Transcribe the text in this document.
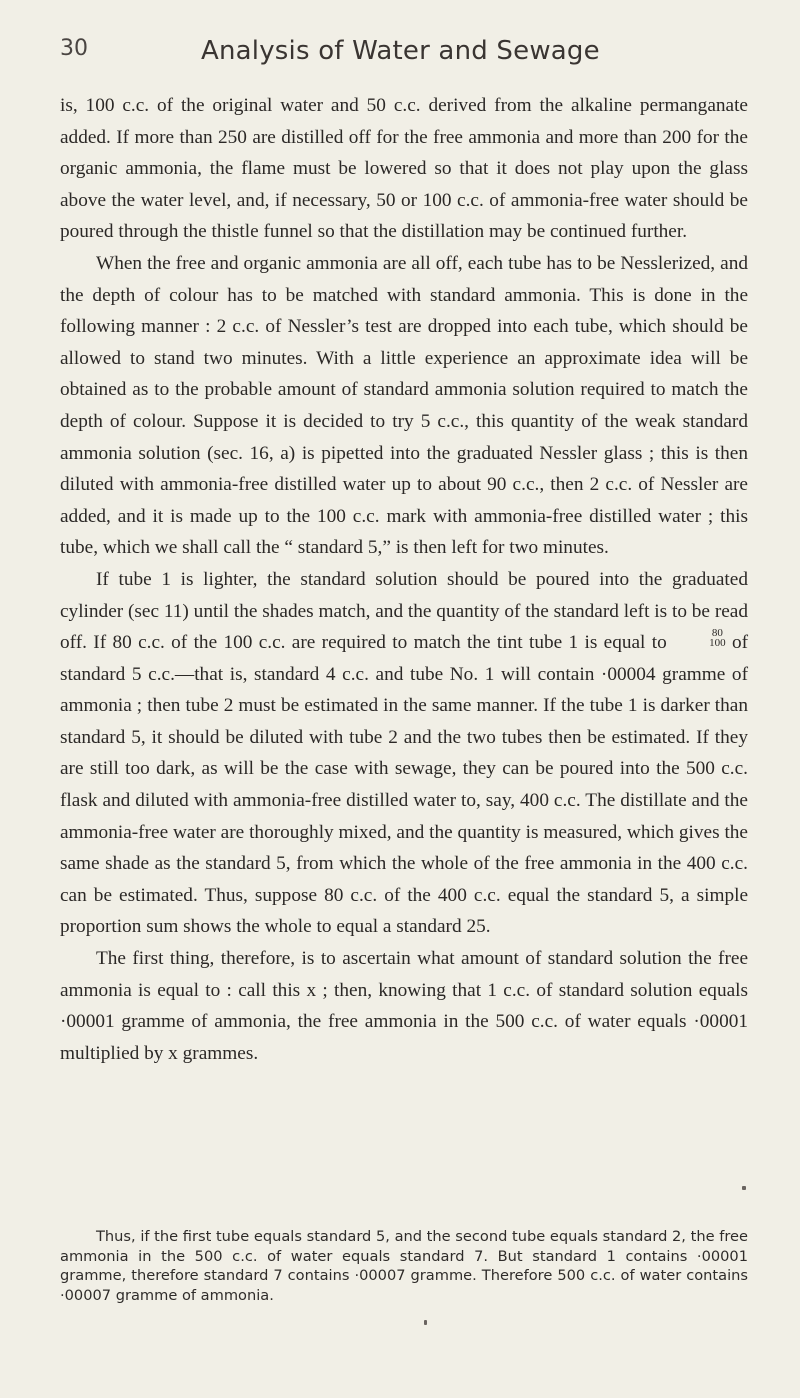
30	Analysis of Water and Sewage

is, 100 c.c. of the original water and 50 c.c. derived from the alkaline permanganate added. If more than 250 are distilled off for the free ammonia and more than 200 for the organic ammonia, the flame must be lowered so that it does not play upon the glass above the water level, and, if necessary, 50 or 100 c.c. of ammonia-free water should be poured through the thistle funnel so that the distillation may be continued further.

When the free and organic ammonia are all off, each tube has to be Nesslerized, and the depth of colour has to be matched with standard ammonia. This is done in the following manner : 2 c.c. of Nessler’s test are dropped into each tube, which should be allowed to stand two minutes. With a little experience an approximate idea will be obtained as to the probable amount of standard ammonia solution required to match the depth of colour. Suppose it is decided to try 5 c.c., this quantity of the weak standard ammonia solution (sec. 16, a) is pipetted into the graduated Nessler glass ; this is then diluted with ammonia-free distilled water up to about 90 c.c., then 2 c.c. of Nessler are added, and it is made up to the 100 c.c. mark with ammonia-free distilled water ; this tube, which we shall call the “ standard 5,” is then left for two minutes.

If tube 1 is lighter, the standard solution should be poured into the graduated cylinder (sec 11) until the shades match, and the quantity of the standard left is to be read off. If 80 c.c. of the 100 c.c. are required to match the tint tube 1 is equal to	80
100 of standard 5 c.c.—that is, standard 4 c.c. and tube No. 1 will contain ·00004 gramme of ammonia ; then tube 2 must be estimated in the same manner. If the tube 1 is darker than standard 5, it should be diluted with tube 2 and the two tubes then be estimated. If they are still too dark, as will be the case with sewage, they can be poured into the 500 c.c. flask and diluted with ammonia-free distilled water to, say, 400 c.c. The distillate and the ammonia-free water are thoroughly mixed, and the quantity is measured, which gives the same shade as the standard 5, from which the whole of the free ammonia in the 400 c.c. can be estimated. Thus, suppose 80 c.c. of the 400 c.c. equal the standard 5, a simple proportion sum shows the whole to equal a standard 25.

The first thing, therefore, is to ascertain what amount of standard solution the free ammonia is equal to : call this x ; then, knowing that 1 c.c. of standard solution equals ·00001 gramme of ammonia, the free ammonia in the 500 c.c. of water equals ·00001 multiplied by x grammes.

Thus, if the first tube equals standard 5, and the second tube equals standard 2, the free ammonia in the 500 c.c. of water equals standard 7. But standard 1 contains ·00001 gramme, therefore standard 7 contains ·00007 gramme. Therefore 500 c.c. of water contains ·00007 gramme of ammonia.
